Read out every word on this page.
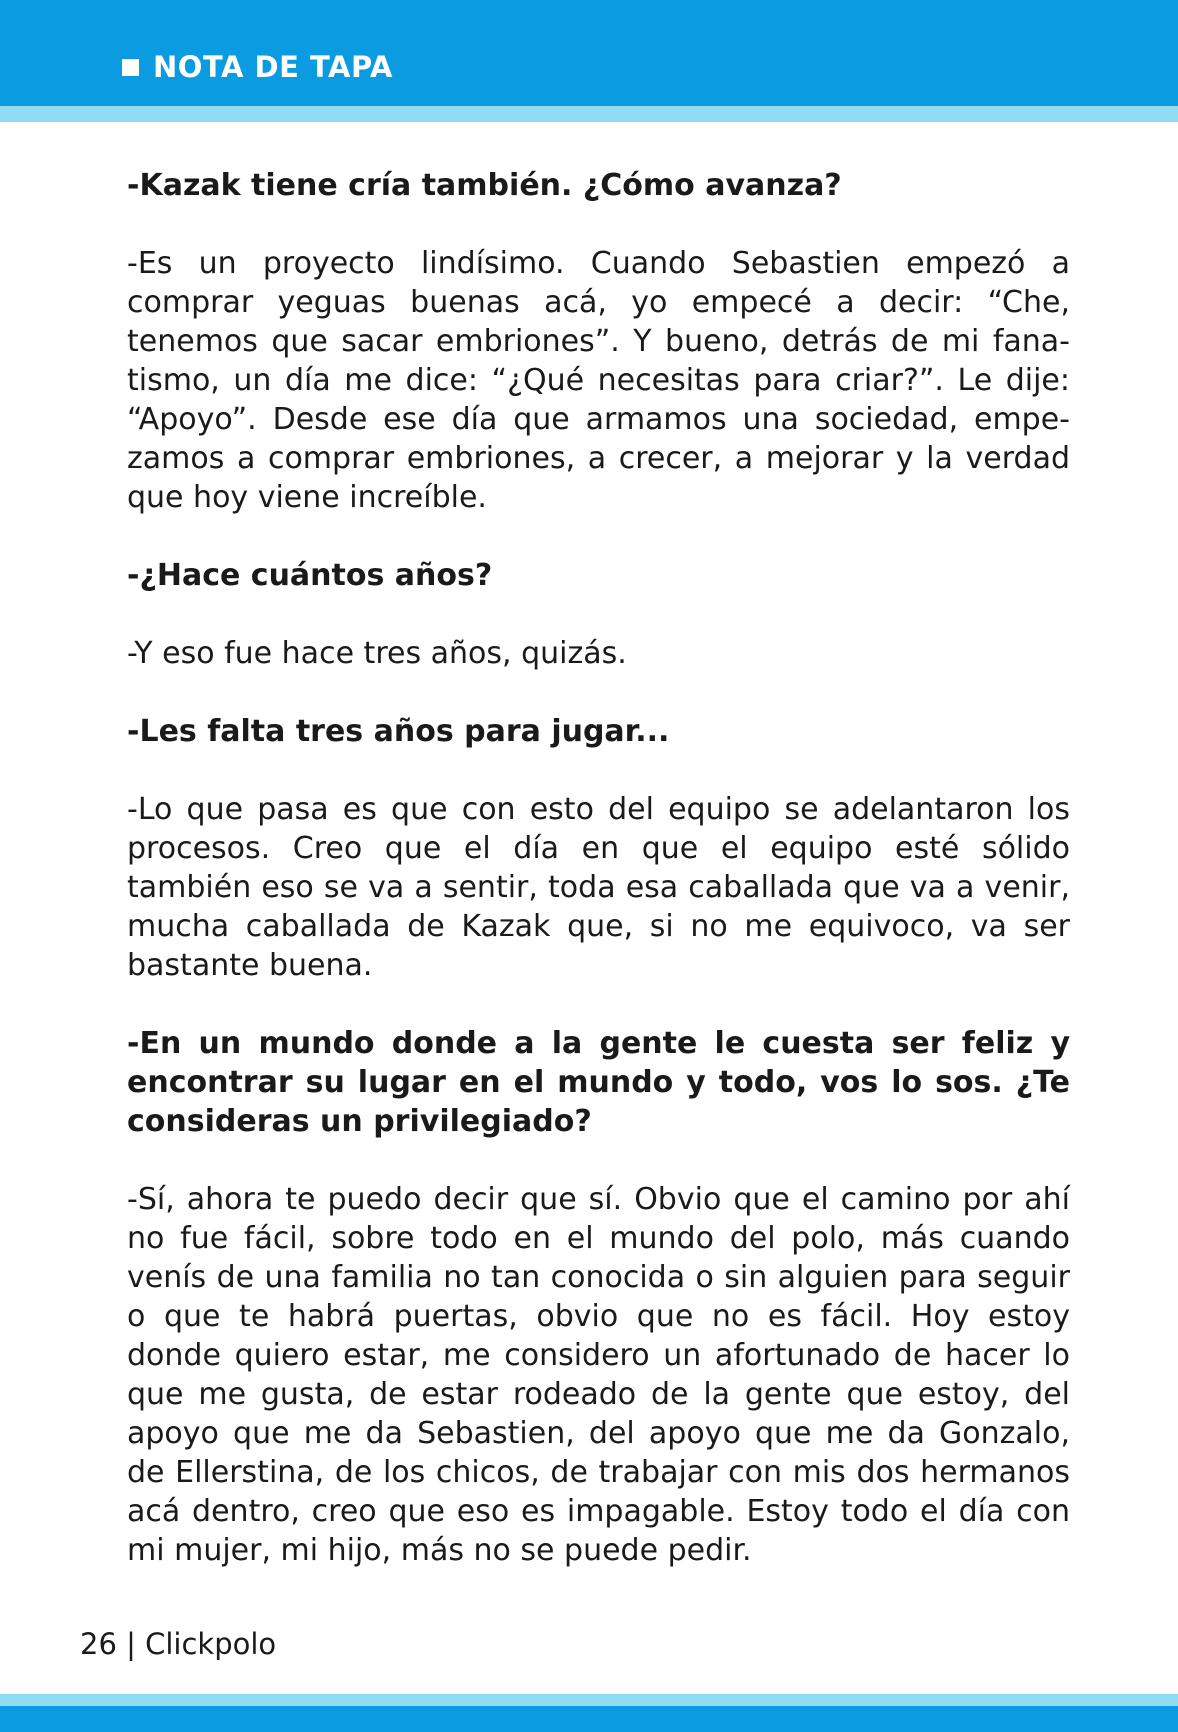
NOTA DE TAPA

-Kazak tiene cría también. ¿Cómo avanza?

-Es un proyecto lindísimo. Cuando Sebastien empezó a comprar yeguas buenas acá, yo empecé a decir: “Che, tenemos que sacar embriones”. Y bueno, detrás de mi fanatismo, un día me dice: “¿Qué necesitas para criar?”. Le dije: “Apoyo”. Desde ese día que armamos una sociedad, empezamos a comprar embriones, a crecer, a mejorar y la verdad que hoy viene increíble.

-¿Hace cuántos años?

-Y eso fue hace tres años, quizás.

-Les falta tres años para jugar...

-Lo que pasa es que con esto del equipo se adelantaron los procesos. Creo que el día en que el equipo esté sólido también eso se va a sentir, toda esa caballada que va a venir, mucha caballada de Kazak que, si no me equivoco, va ser bastante buena.

-En un mundo donde a la gente le cuesta ser feliz y encontrar su lugar en el mundo y todo, vos lo sos. ¿Te consideras un privilegiado?

-Sí, ahora te puedo decir que sí. Obvio que el camino por ahí no fue fácil, sobre todo en el mundo del polo, más cuando venís de una familia no tan conocida o sin alguien para seguir o que te habrá puertas, obvio que no es fácil. Hoy estoy donde quiero estar, me considero un afortunado de hacer lo que me gusta, de estar rodeado de la gente que estoy, del apoyo que me da Sebastien, del apoyo que me da Gonzalo, de Ellerstina, de los chicos, de trabajar con mis dos hermanos acá dentro, creo que eso es impagable. Estoy todo el día con mi mujer, mi hijo, más no se puede pedir.

26 | Clickpolo
